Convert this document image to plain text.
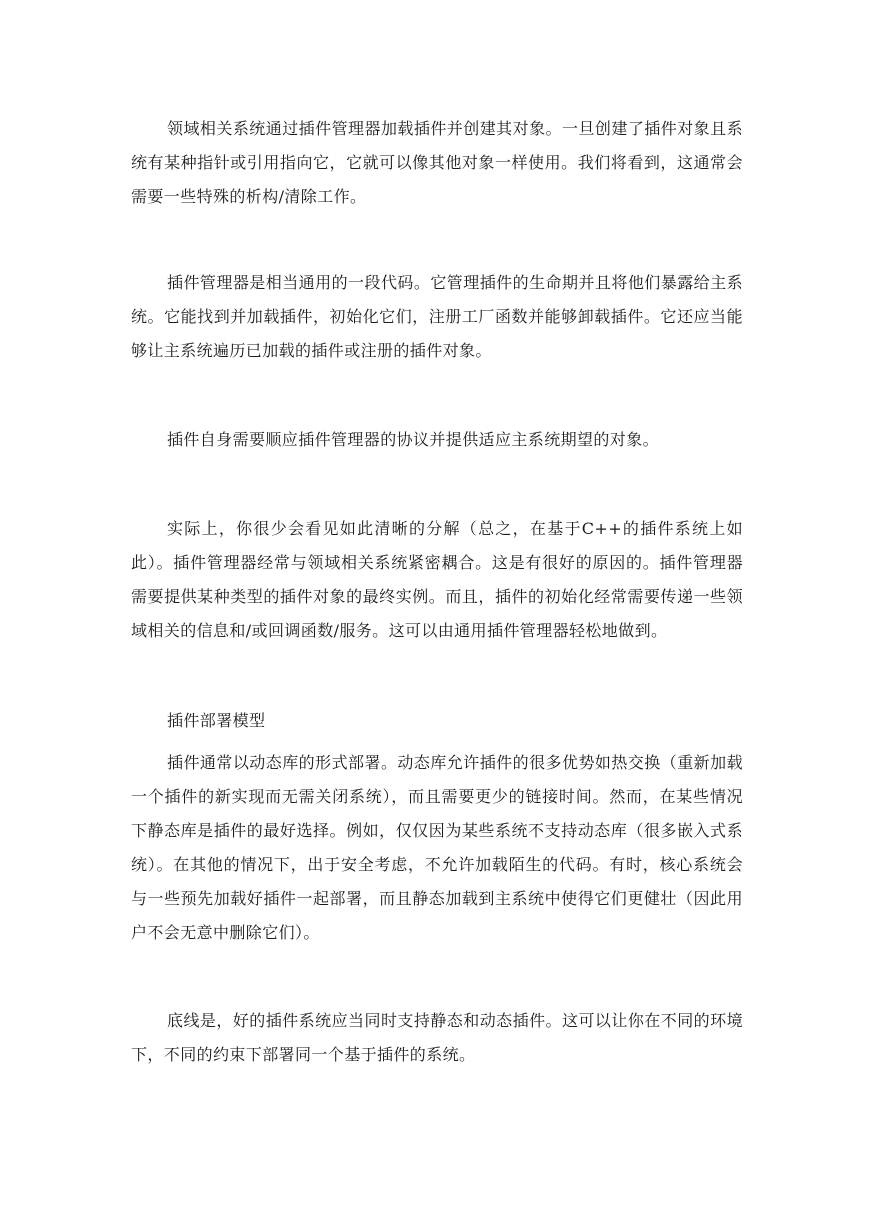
领域相关系统通过插件管理器加载插件并创建其对象。一旦创建了插件对象且系统有某种指针或引用指向它，它就可以像其他对象一样使用。我们将看到，这通常会需要一些特殊的析构/清除工作。

插件管理器是相当通用的一段代码。它管理插件的生命期并且将他们暴露给主系统。它能找到并加载插件，初始化它们，注册工厂函数并能够卸载插件。它还应当能够让主系统遍历已加载的插件或注册的插件对象。

插件自身需要顺应插件管理器的协议并提供适应主系统期望的对象。

实际上，你很少会看见如此清晰的分解（总之，在基于C++的插件系统上如此）。插件管理器经常与领域相关系统紧密耦合。这是有很好的原因的。插件管理器需要提供某种类型的插件对象的最终实例。而且，插件的初始化经常需要传递一些领域相关的信息和/或回调函数/服务。这可以由通用插件管理器轻松地做到。

插件部署模型

插件通常以动态库的形式部署。动态库允许插件的很多优势如热交换（重新加载一个插件的新实现而无需关闭系统），而且需要更少的链接时间。然而，在某些情况下静态库是插件的最好选择。例如，仅仅因为某些系统不支持动态库（很多嵌入式系统）。在其他的情况下，出于安全考虑，不允许加载陌生的代码。有时，核心系统会与一些预先加载好插件一起部署，而且静态加载到主系统中使得它们更健壮（因此用户不会无意中删除它们）。

底线是，好的插件系统应当同时支持静态和动态插件。这可以让你在不同的环境下，不同的约束下部署同一个基于插件的系统。
